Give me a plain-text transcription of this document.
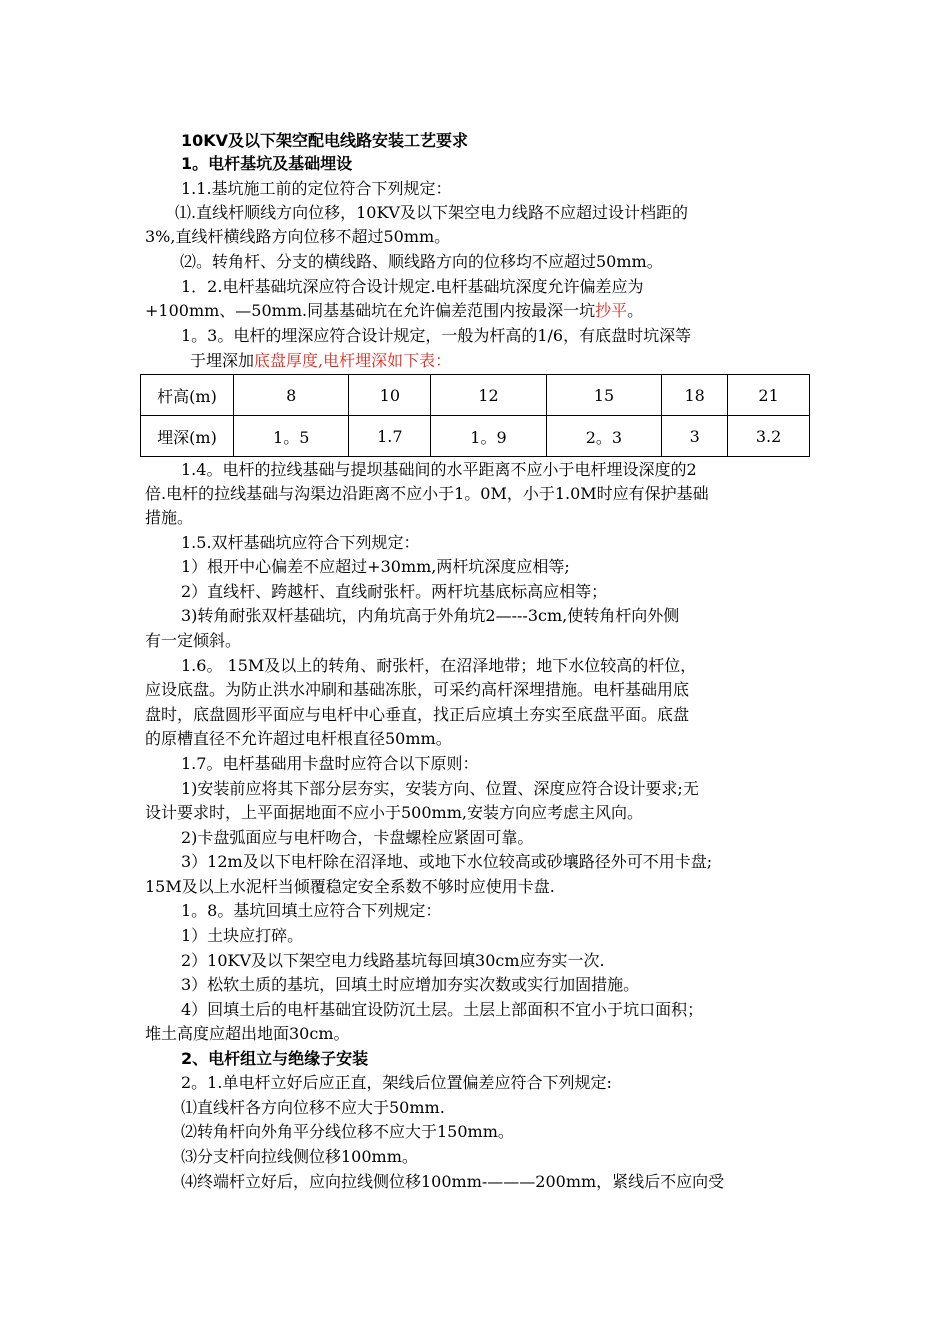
10KV及以下架空配电线路安装工艺要求
1。电杆基坑及基础埋设
1.1.基坑施工前的定位符合下列规定：
⑴.直线杆顺线方向位移，10KV及以下架空电力线路不应超过设计档距的
3%,直线杆横线路方向位移不超过50mm。
⑵。转角杆、分支的横线路、顺线路方向的位移均不应超过50mm。
1．2.电杆基础坑深应符合设计规定.电杆基础坑深度允许偏差应为
+100mm、—50mm.同基基础坑在允许偏差范围内按最深一坑抄平。
1。3。电杆的埋深应符合设计规定，一般为杆高的1/6，有底盘时坑深等
于埋深加底盘厚度,电杆埋深如下表：
杆高(m)	8	10	12	15	18	21
埋深(m)	1。5	1.7	1。9	2。3	3	3.2
1.4。电杆的拉线基础与提坝基础间的水平距离不应小于电杆埋设深度的2
倍.电杆的拉线基础与沟渠边沿距离不应小于1。0M，小于1.0M时应有保护基础
措施。
1.5.双杆基础坑应符合下列规定：
1）根开中心偏差不应超过+30mm,两杆坑深度应相等;
2）直线杆、跨越杆、直线耐张杆。两杆坑基底标高应相等；
3)转角耐张双杆基础坑，内角坑高于外角坑2—---3cm,使转角杆向外侧
有一定倾斜。
1.6。 15M及以上的转角、耐张杆，在沼泽地带；地下水位较高的杆位，
应设底盘。为防止洪水冲刷和基础冻胀，可采约高杆深埋措施。电杆基础用底
盘时，底盘圆形平面应与电杆中心垂直，找正后应填土夯实至底盘平面。底盘
的原槽直径不允许超过电杆根直径50mm。
1.7。电杆基础用卡盘时应符合以下原则：
1)安装前应将其下部分层夯实，安装方向、位置、深度应符合设计要求;无
设计要求时，上平面据地面不应小于500mm,安装方向应考虑主风向。
2)卡盘弧面应与电杆吻合，卡盘螺栓应紧固可靠。
3）12m及以下电杆除在沼泽地、或地下水位较高或砂壤路径外可不用卡盘;
15M及以上水泥杆当倾覆稳定安全系数不够时应使用卡盘.
1。8。基坑回填土应符合下列规定：
1）土块应打碎。
2）10KV及以下架空电力线路基坑每回填30cm应夯实一次.
3）松软土质的基坑，回填土时应增加夯实次数或实行加固措施。
4）回填土后的电杆基础宜设防沉土层。土层上部面积不宜小于坑口面积；
堆土高度应超出地面30cm。
2、电杆组立与绝缘子安装
2。1.单电杆立好后应正直，架线后位置偏差应符合下列规定:
⑴直线杆各方向位移不应大于50mm.
⑵转角杆向外角平分线位移不应大于150mm。
⑶分支杆向拉线侧位移100mm。
⑷终端杆立好后，应向拉线侧位移100mm-———200mm，紧线后不应向受
